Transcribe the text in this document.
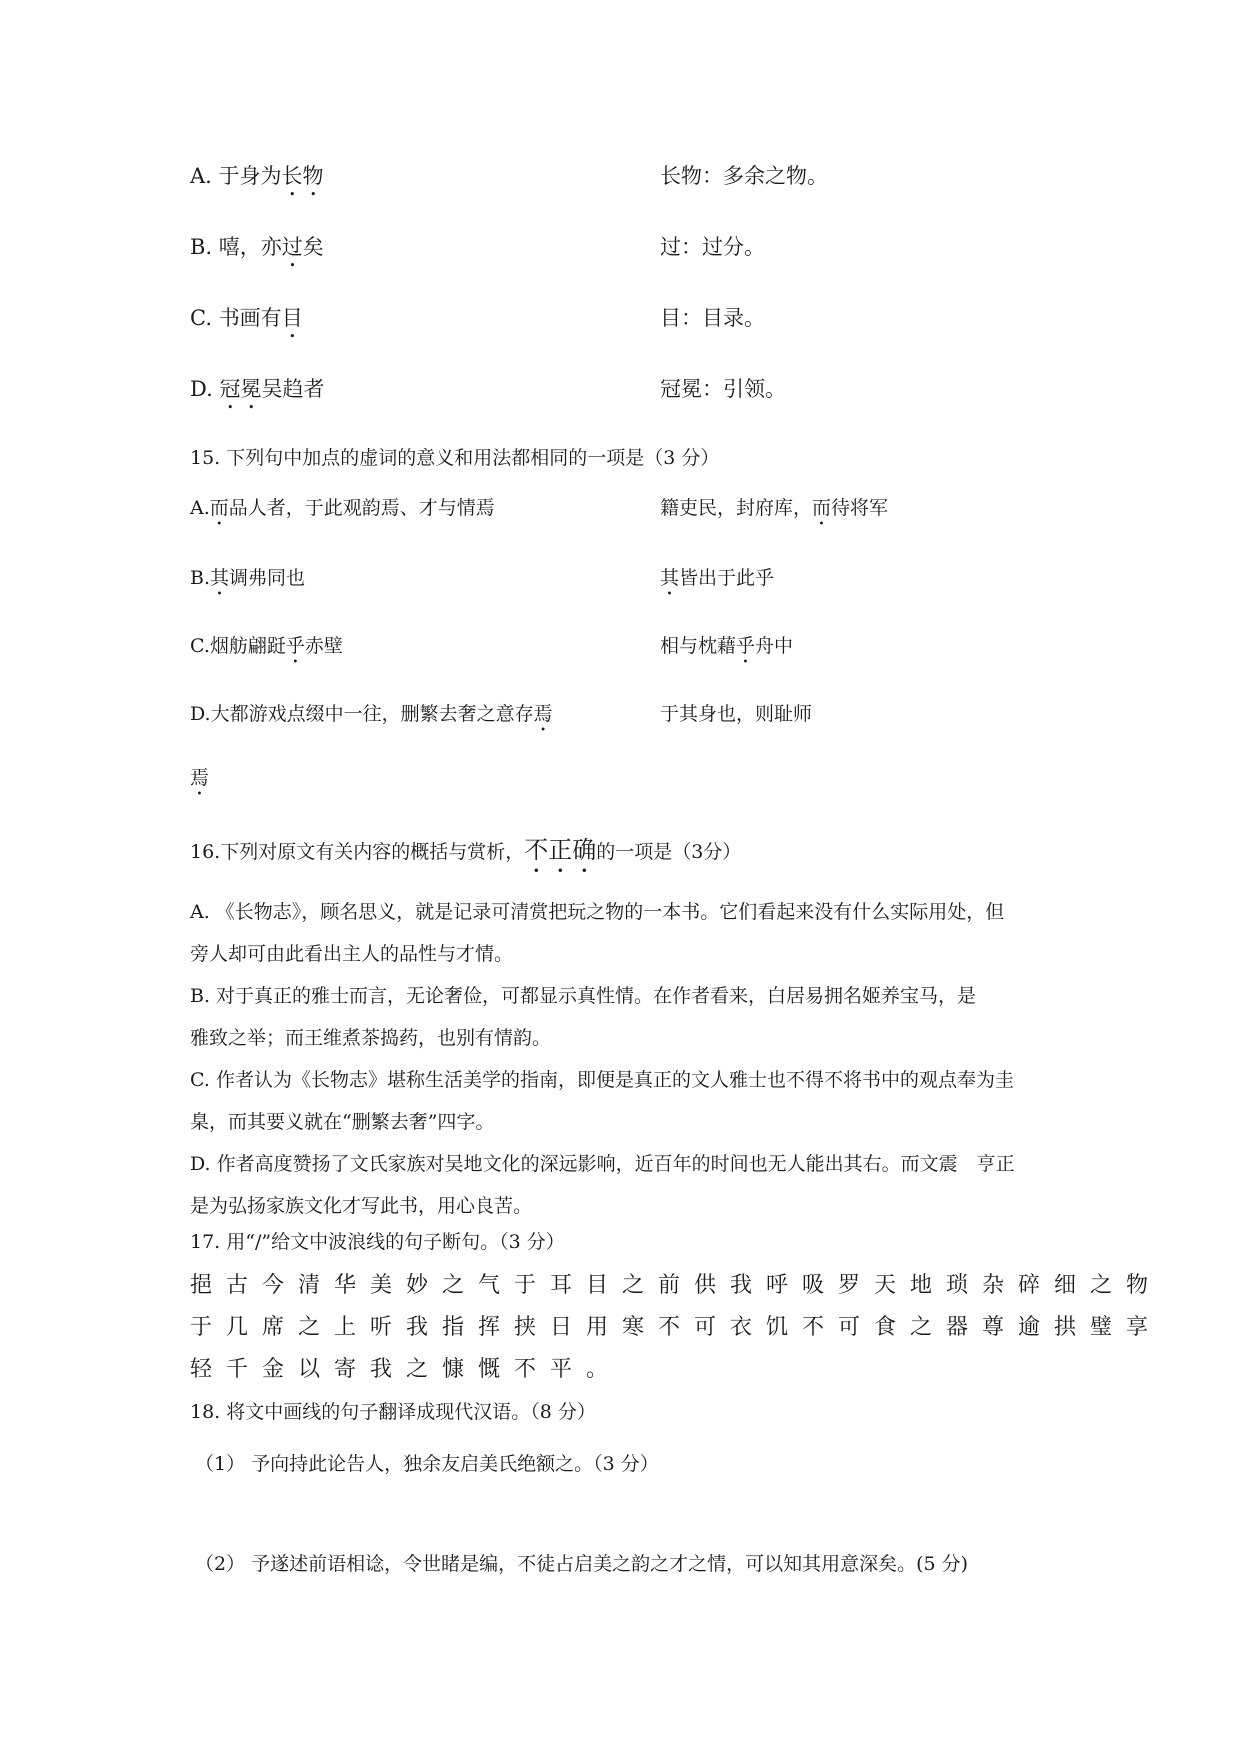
A. 于身为长物	长物：多余之物。
B. 嘻，亦过矣	过：过分。
C. 书画有目	目：目录。
D. 冠冕吴趋者	冠冕：引领。
15. 下列句中加点的虚词的意义和用法都相同的一项是（3 分）
A.而品人者，于此观韵焉、才与情焉	籍吏民，封府库，而待将军
B.其调弗同也	其皆出于此乎
C.烟舫翩跹乎赤壁	相与枕藉乎舟中
D.大都游戏点缀中一往，删繁去奢之意存焉	于其身也，则耻师
焉
16.下列对原文有关内容的概括与赏析，不正确的一项是（3分）
A. 《长物志》，顾名思义，就是记录可清赏把玩之物的一本书。它们看起来没有什么实际用处，但
旁人却可由此看出主人的品性与才情。
B. 对于真正的雅士而言，无论奢俭，可都显示真性情。在作者看来，白居易拥名姬养宝马，是
雅致之举；而王维煮茶捣药，也别有情韵。
C. 作者认为《长物志》堪称生活美学的指南，即便是真正的文人雅士也不得不将书中的观点奉为圭
臬，而其要义就在“删繁去奢”四字。
D. 作者高度赞扬了文氏家族对吴地文化的深远影响，近百年的时间也无人能出其右。而文震　亨正
是为弘扬家族文化才写此书，用心良苦。
17. 用“/”给文中波浪线的句子断句。（3 分）
挹古今清华美妙之气于耳目之前供我呼吸罗天地琐杂碎细之物
于几席之上听我指挥挟日用寒不可衣饥不可食之器尊逾拱璧享
轻千金以寄我之慷慨不平。
18. 将文中画线的句子翻译成现代汉语。（8 分）
（1） 予向持此论告人，独余友启美氏绝额之。（3 分）
（2） 予遂述前语相谂，令世睹是编，不徒占启美之韵之才之情，可以知其用意深矣。(5 分)
